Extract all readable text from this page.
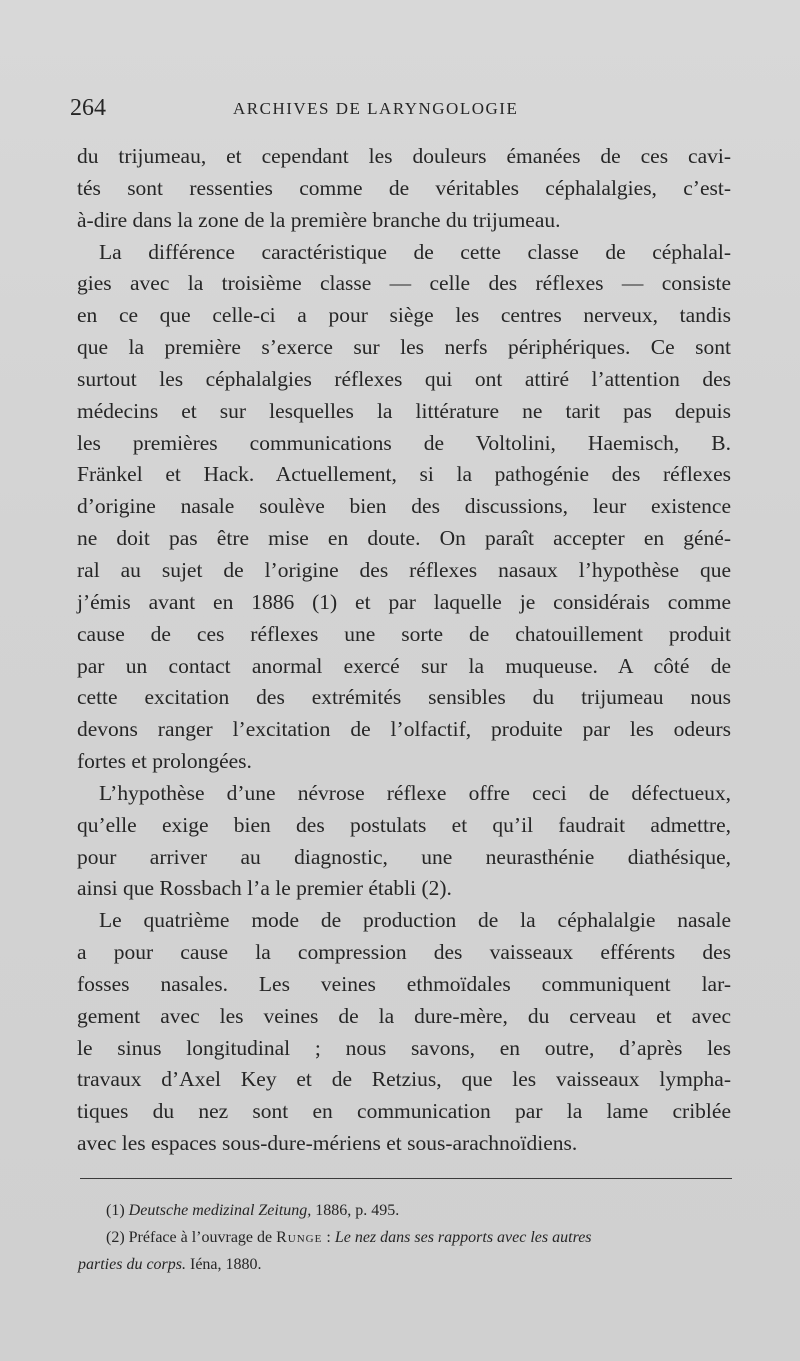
264	ARCHIVES DE LARYNGOLOGIE
du trijumeau, et cependant les douleurs émanées de ces cavi-
tés sont ressenties comme de véritables céphalalgies, c’est-
à-dire dans la zone de la première branche du trijumeau.
La différence caractéristique de cette classe de céphalal-
gies avec la troisième classe — celle des réflexes — consiste
en ce que celle-ci a pour siège les centres nerveux, tandis
que la première s’exerce sur les nerfs périphériques. Ce sont
surtout les céphalalgies réflexes qui ont attiré l’attention des
médecins et sur lesquelles la littérature ne tarit pas depuis
les premières communications de Voltolini, Haemisch, B.
Fränkel et Hack. Actuellement, si la pathogénie des réflexes
d’origine nasale soulève bien des discussions, leur existence
ne doit pas être mise en doute. On paraît accepter en géné-
ral au sujet de l’origine des réflexes nasaux l’hypothèse que
j’émis avant en 1886 (1) et par laquelle je considérais comme
cause de ces réflexes une sorte de chatouillement produit
par un contact anormal exercé sur la muqueuse. A côté de
cette excitation des extrémités sensibles du trijumeau nous
devons ranger l’excitation de l’olfactif, produite par les odeurs
fortes et prolongées.
L’hypothèse d’une névrose réflexe offre ceci de défectueux,
qu’elle exige bien des postulats et qu’il faudrait admettre,
pour arriver au diagnostic, une neurasthénie diathésique,
ainsi que Rossbach l’a le premier établi (2).
Le quatrième mode de production de la céphalalgie nasale
a pour cause la compression des vaisseaux efférents des
fosses nasales. Les veines ethmoïdales communiquent lar-
gement avec les veines de la dure-mère, du cerveau et avec
le sinus longitudinal ; nous savons, en outre, d’après les
travaux d’Axel Key et de Retzius, que les vaisseaux lympha-
tiques du nez sont en communication par la lame criblée
avec les espaces sous-dure-mériens et sous-arachnoïdiens.
(1) Deutsche medizinal Zeitung, 1886, p. 495.
(2) Préface à l’ouvrage de Runge : Le nez dans ses rapports avec les autres
parties du corps. Iéna, 1880.
